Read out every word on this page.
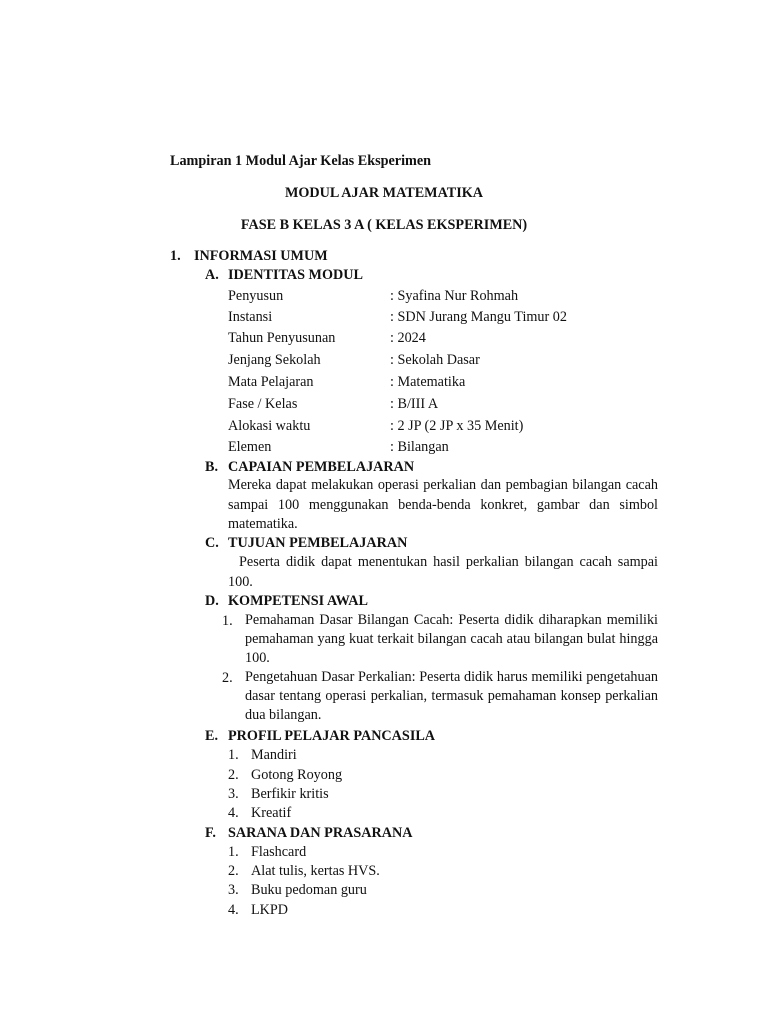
Lampiran 1 Modul Ajar Kelas Eksperimen
MODUL AJAR MATEMATIKA
FASE B KELAS 3 A ( KELAS EKSPERIMEN)
1. INFORMASI UMUM
A. IDENTITAS MODUL
Penyusun	: Syafina Nur Rohmah
Instansi	: SDN Jurang Mangu Timur 02
Tahun Penyusunan	: 2024
Jenjang Sekolah	: Sekolah Dasar
Mata Pelajaran	: Matematika
Fase / Kelas	: B/III A
Alokasi waktu	: 2 JP (2 JP x 35 Menit)
Elemen	: Bilangan
B. CAPAIAN PEMBELAJARAN
Mereka dapat melakukan operasi perkalian dan pembagian bilangan cacah sampai 100 menggunakan benda-benda konkret, gambar dan simbol matematika.
C. TUJUAN PEMBELAJARAN
Peserta didik dapat menentukan hasil perkalian bilangan cacah sampai 100.
D. KOMPETENSI AWAL
1. Pemahaman Dasar Bilangan Cacah: Peserta didik diharapkan memiliki pemahaman yang kuat terkait bilangan cacah atau bilangan bulat hingga 100.
2. Pengetahuan Dasar Perkalian: Peserta didik harus memiliki pengetahuan dasar tentang operasi perkalian, termasuk pemahaman konsep perkalian dua bilangan.
E. PROFIL PELAJAR PANCASILA
1. Mandiri
2. Gotong Royong
3. Berfikir kritis
4. Kreatif
F. SARANA DAN PRASARANA
1. Flashcard
2. Alat tulis, kertas HVS.
3. Buku pedoman guru
4. LKPD
